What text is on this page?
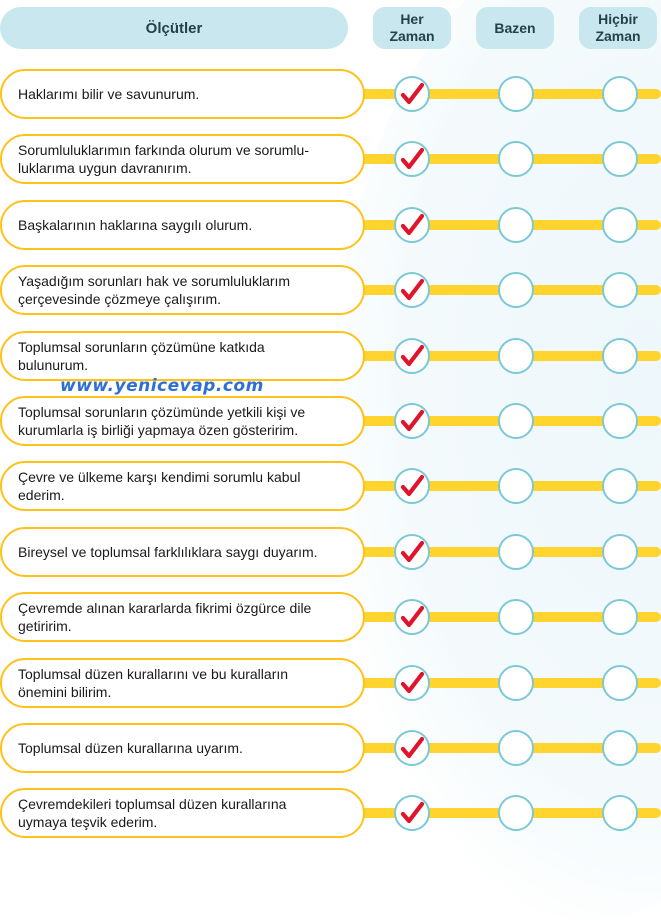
Ölçütler
Her
Zaman
Bazen
Hiçbir
Zaman
Haklarımı bilir ve savunurum.
Sorumluluklarımın farkında olurum ve sorumlu-
luklarıma uygun davranırım.
Başkalarının haklarına saygılı olurum.
Yaşadığım sorunları hak ve sorumluluklarım
çerçevesinde çözmeye çalışırım.
Toplumsal sorunların çözümüne katkıda
bulunurum.
Toplumsal sorunların çözümünde yetkili kişi ve
kurumlarla iş birliği yapmaya özen gösteririm.
Çevre ve ülkeme karşı kendimi sorumlu kabul
ederim.
Bireysel ve toplumsal farklılıklara saygı duyarım.
Çevremde alınan kararlarda fikrimi özgürce dile
getiririm.
Toplumsal düzen kurallarını ve bu kuralların
önemini bilirim.
Toplumsal düzen kurallarına uyarım.
Çevremdekileri toplumsal düzen kurallarına
uymaya teşvik ederim.
www.yenicevap.com
